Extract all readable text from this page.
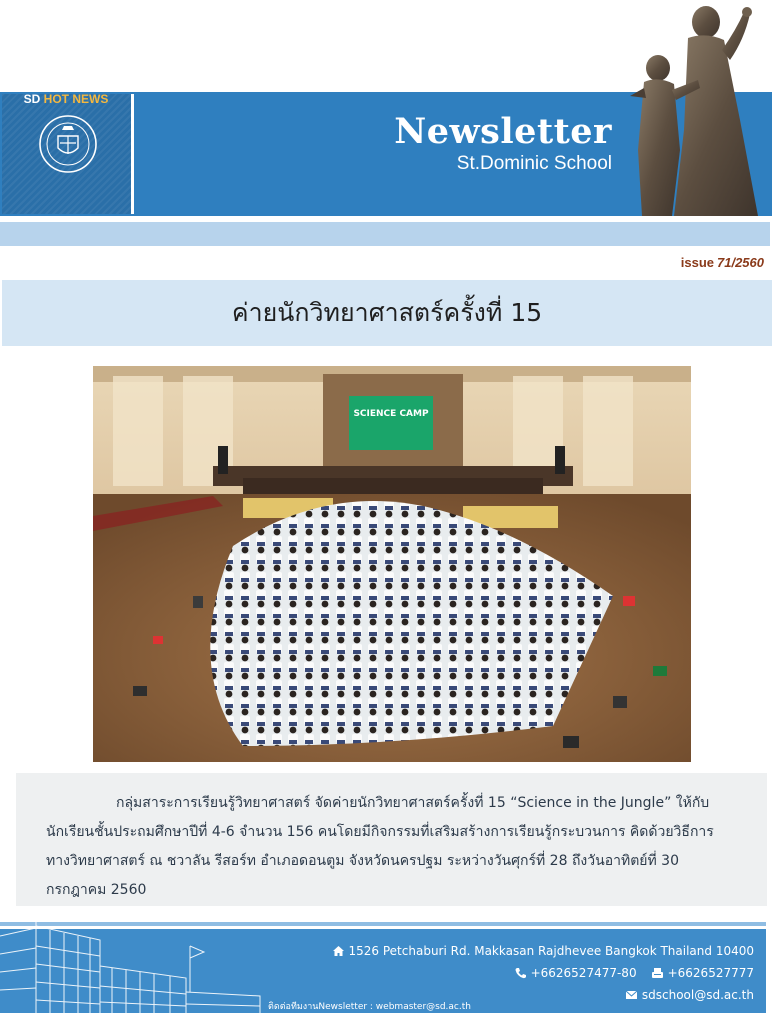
SD HOT NEWS
Newsletter
St.Dominic School
issue 71/2560
ค่ายนักวิทยาศาสตร์ครั้งที่ 15
SCIENCE CAMP

กลุ่มสาระการเรียนรู้วิทยาศาสตร์ จัดค่ายนักวิทยาศาสตร์ครั้งที่ 15 “Science in the Jungle” ให้กับนักเรียนชั้นประถมศึกษาปีที่ 4-6 จำนวน 156 คนโดยมีกิจกรรมที่เสริมสร้างการเรียนรู้กระบวนการ คิดด้วยวิธีการทางวิทยาศาสตร์ ณ ชวาลัน รีสอร์ท อำเภอดอนตูม จังหวัดนครปฐม ระหว่างวันศุกร์ที่ 28 ถึงวันอาทิตย์ที่ 30 กรกฎาคม 2560

1526 Petchaburi Rd. Makkasan Rajdhevee Bangkok Thailand 10400
+6626527477-80	+6626527777
sdschool@sd.ac.th
ติดต่อทีมงานNewsletter : webmaster@sd.ac.th
